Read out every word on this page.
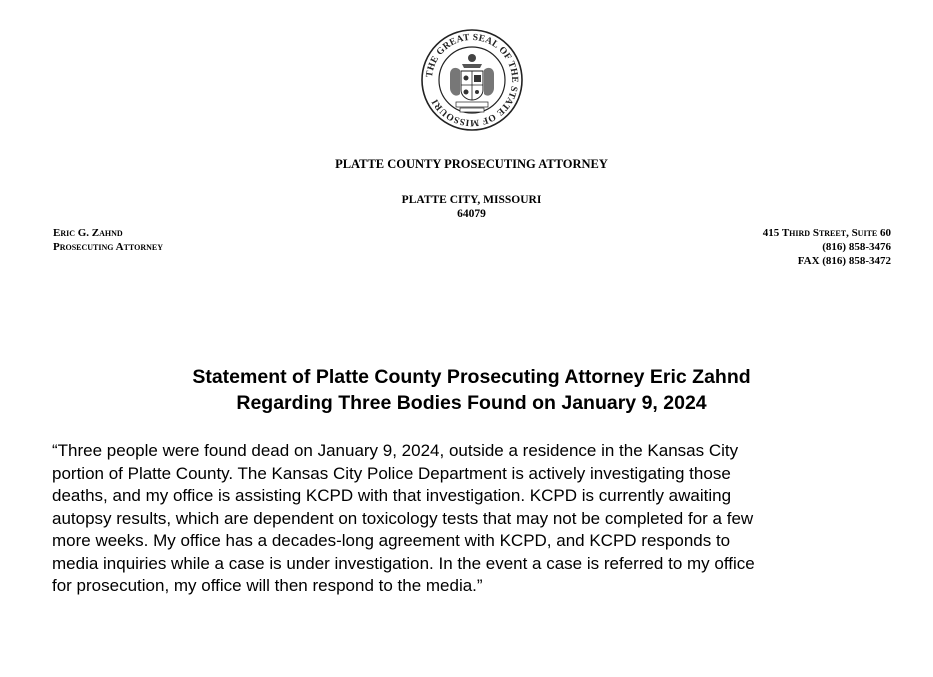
THE GREAT SEAL OF THE STATE OF MISSOURI
PLATTE COUNTY PROSECUTING ATTORNEY
PLATTE CITY, MISSOURI
64079
Eric G. Zahnd
Prosecuting Attorney
415 Third Street, Suite 60
(816) 858-3476
FAX (816) 858-3472
Statement of Platte County Prosecuting Attorney Eric Zahnd
Regarding Three Bodies Found on January 9, 2024
“Three people were found dead on January 9, 2024, outside a residence in the Kansas City
portion of Platte County. The Kansas City Police Department is actively investigating those
deaths, and my office is assisting KCPD with that investigation. KCPD is currently awaiting
autopsy results, which are dependent on toxicology tests that may not be completed for a few
more weeks. My office has a decades-long agreement with KCPD, and KCPD responds to
media inquiries while a case is under investigation. In the event a case is referred to my office
for prosecution, my office will then respond to the media.”
